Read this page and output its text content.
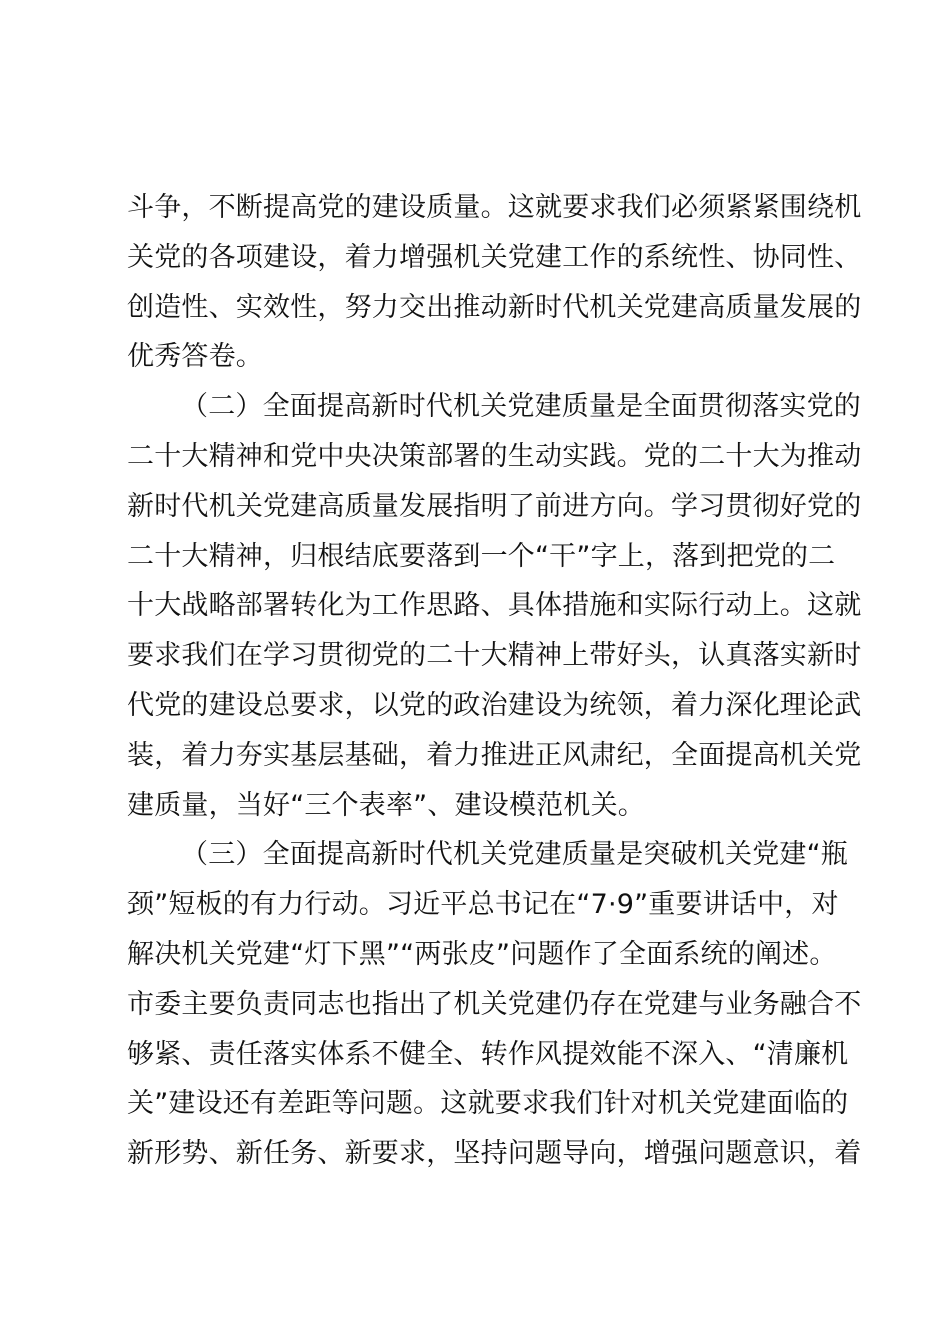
斗争，不断提高党的建设质量。这就要求我们必须紧紧围绕机
关党的各项建设，着力增强机关党建工作的系统性、协同性、
创造性、实效性，努力交出推动新时代机关党建高质量发展的
优秀答卷。
（二）全面提高新时代机关党建质量是全面贯彻落实党的
二十大精神和党中央决策部署的生动实践。党的二十大为推动
新时代机关党建高质量发展指明了前进方向。学习贯彻好党的
二十大精神，归根结底要落到一个“干”字上，落到把党的二
十大战略部署转化为工作思路、具体措施和实际行动上。这就
要求我们在学习贯彻党的二十大精神上带好头，认真落实新时
代党的建设总要求，以党的政治建设为统领，着力深化理论武
装，着力夯实基层基础，着力推进正风肃纪，全面提高机关党
建质量，当好“三个表率”、建设模范机关。
（三）全面提高新时代机关党建质量是突破机关党建“瓶
颈”短板的有力行动。习近平总书记在“7·9”重要讲话中，对
解决机关党建“灯下黑”“两张皮”问题作了全面系统的阐述。
市委主要负责同志也指出了机关党建仍存在党建与业务融合不
够紧、责任落实体系不健全、转作风提效能不深入、“清廉机
关”建设还有差距等问题。这就要求我们针对机关党建面临的
新形势、新任务、新要求，坚持问题导向，增强问题意识，着
